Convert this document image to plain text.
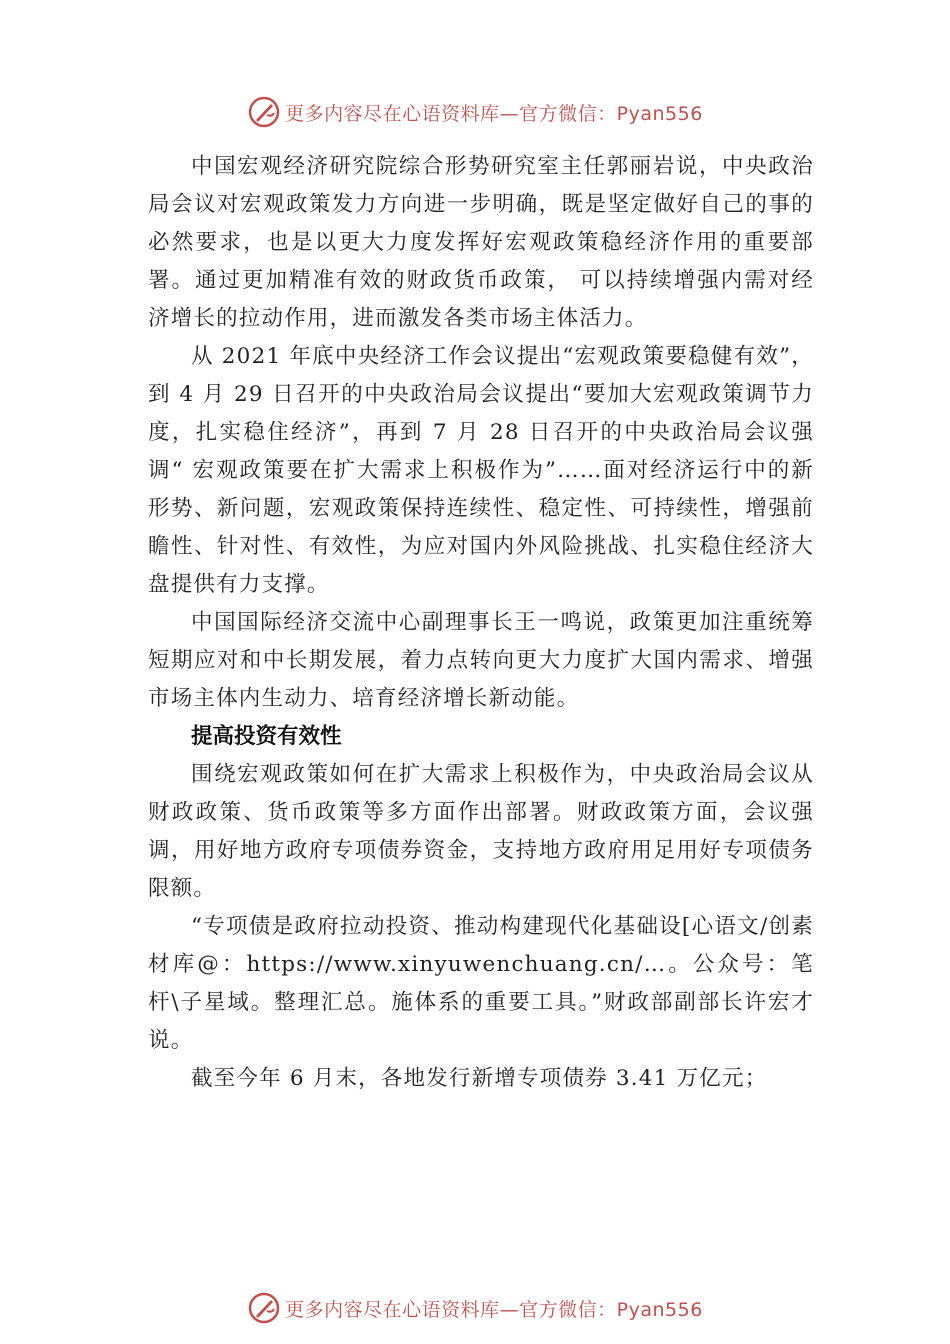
更多内容尽在心语资料库—官方微信：Pyan556

中国宏观经济研究院综合形势研究室主任郭丽岩说，中央政治局会议对宏观政策发力方向进一步明确，既是坚定做好自己的事的必然要求，也是以更大力度发挥好宏观政策稳经济作用的重要部署。通过更加精准有效的财政货币政策， 可以持续增强内需对经济增长的拉动作用，进而激发各类市场主体活力。

从 2021 年底中央经济工作会议提出“宏观政策要稳健有效”，到 4 月 29 日召开的中央政治局会议提出“要加大宏观政策调节力度，扎实稳住经济”，再到 7 月 28 日召开的中央政治局会议强调“ 宏观政策要在扩大需求上积极作为”……面对经济运行中的新形势、新问题，宏观政策保持连续性、稳定性、可持续性，增强前瞻性、针对性、有效性，为应对国内外风险挑战、扎实稳住经济大盘提供有力支撑。

中国国际经济交流中心副理事长王一鸣说，政策更加注重统筹短期应对和中长期发展，着力点转向更大力度扩大国内需求、增强市场主体内生动力、培育经济增长新动能。

提高投资有效性

围绕宏观政策如何在扩大需求上积极作为，中央政治局会议从财政政策、货币政策等多方面作出部署。财政政策方面，会议强调，用好地方政府专项债券资金，支持地方政府用足用好专项债务限额。

“专项债是政府拉动投资、推动构建现代化基础设[心语文/创素材库@：https://www.xinyuwenchuang.cn/…。公众号：笔杆\子星域。整理汇总。施体系的重要工具。”财政部副部长许宏才说。

截至今年 6 月末，各地发行新增专项债券 3.41 万亿元；

更多内容尽在心语资料库—官方微信：Pyan556
